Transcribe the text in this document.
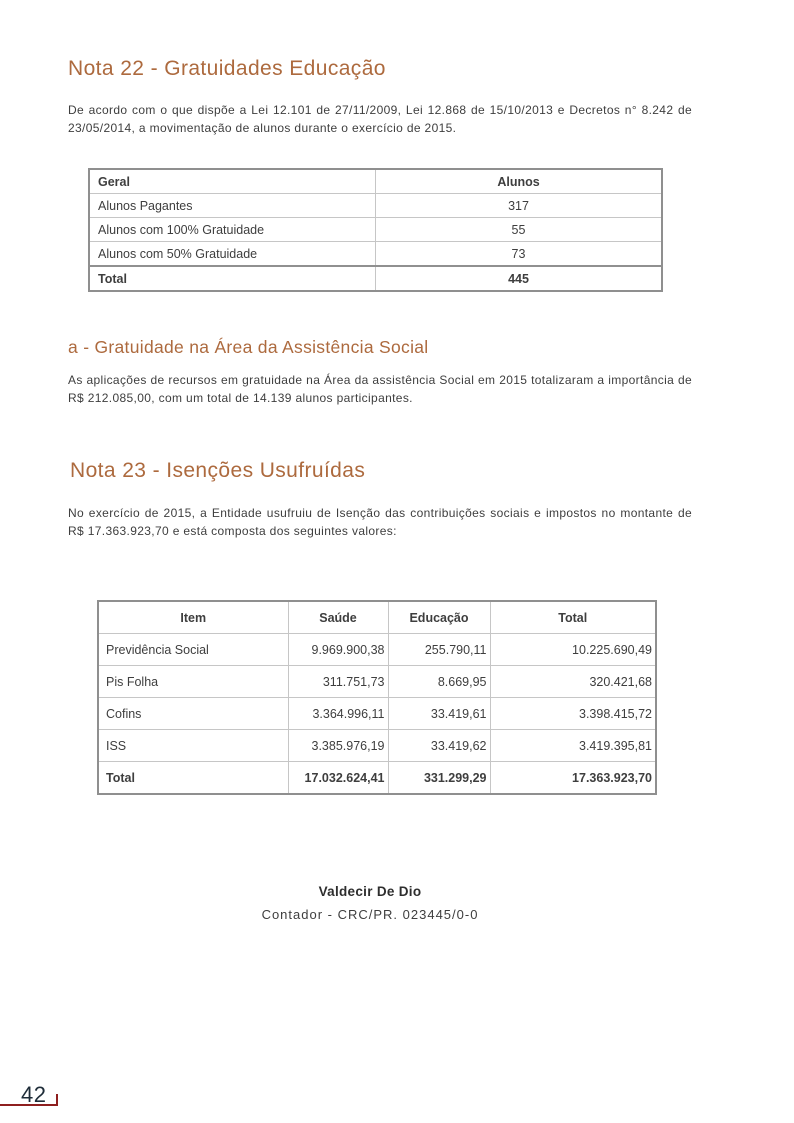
Nota 22 - Gratuidades Educação

De acordo com o que dispõe a Lei 12.101 de 27/11/2009, Lei 12.868 de 15/10/2013 e Decretos n° 8.242 de 23/05/2014, a movimentação de alunos durante o exercício de 2015.

Geral	Alunos
Alunos Pagantes	317
Alunos com 100% Gratuidade	55
Alunos com 50% Gratuidade	73
Total	445
a - Gratuidade na Área da Assistência Social

As aplicações de recursos em gratuidade na Área da assistência Social em 2015 totalizaram a importância de R$ 212.085,00, com um total de 14.139 alunos participantes.

Nota 23 - Isenções Usufruídas

No exercício de 2015, a Entidade usufruiu de Isenção das contribuições sociais e impostos no montante de R$ 17.363.923,70 e está composta dos seguintes valores:

Item	Saúde	Educação	Total
Previdência Social	9.969.900,38	255.790,11	10.225.690,49
Pis Folha	311.751,73	8.669,95	320.421,68
Cofins	3.364.996,11	33.419,61	3.398.415,72
ISS	3.385.976,19	33.419,62	3.419.395,81
Total	17.032.624,41	331.299,29	17.363.923,70
Valdecir De Dio
Contador - CRC/PR. 023445/0-0
42
